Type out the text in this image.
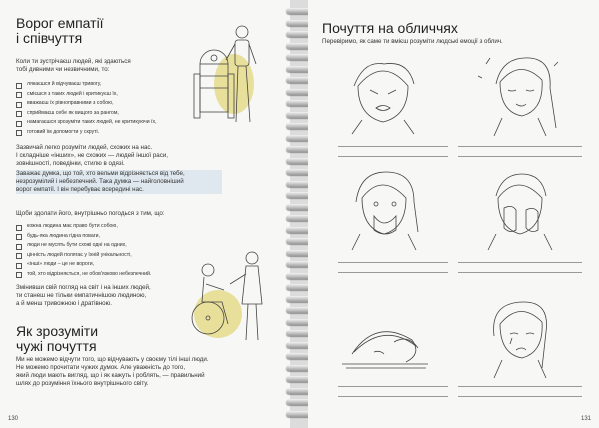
Ворог емпатії
і співчуття
Коли ти зустрічаєш людей, які здаються
тобі дивними чи незвичними, то:
лякаєшся й відчуваєш тривогу,
смієшся з таких людей і критикуєш їх,
вважаєш їх рівноправними з собою,
сприймаєш себе як вищого за рангом,
намагаєшся зрозуміти таких людей, не критикуючи їх,
готовий їм допомогти у скруті.
Зазвичай легко розуміти людей, схожих на нас.
І складніше «інших», не схожих — людей іншої раси,
зовнішності, поведінки, стилю в одязі.
Заважає думка, що той, хто вельми відрізняється від тебе,
незрозумілий і небезпечний. Така думка — найголовніший
ворог емпатії. І він перебуває всередині нас.
Щоби здолати його, внутрішньо погодься з тим, що:
кожна людина має право бути собою,
будь-яка людина гідна поваги,
люди не мусять бути схожі одні на одних,
цінність людей полягає у їхній унікальності,
«інші» люди – це не вороги,
той, хто відрізняється, не обов'язково небезпечний.
Змінивши свій погляд на світ і на інших людей,
ти станеш не тільки емпатичнішою людиною,
а й менш тривожною і дратівною.
Як зрозуміти
чужі почуття
Ми не можемо відчути того, що відчувають у своєму тілі інші люди.
Не можемо прочитати чужих думок. Але уважність до того,
який люди мають вигляд, що і як кажуть і роблять, — правильний
шлях до розуміння їхнього внутрішнього світу.
130
Почуття на обличчях
Перевіримо, як саме ти вмієш розуміти людські емоції з облич.
131
